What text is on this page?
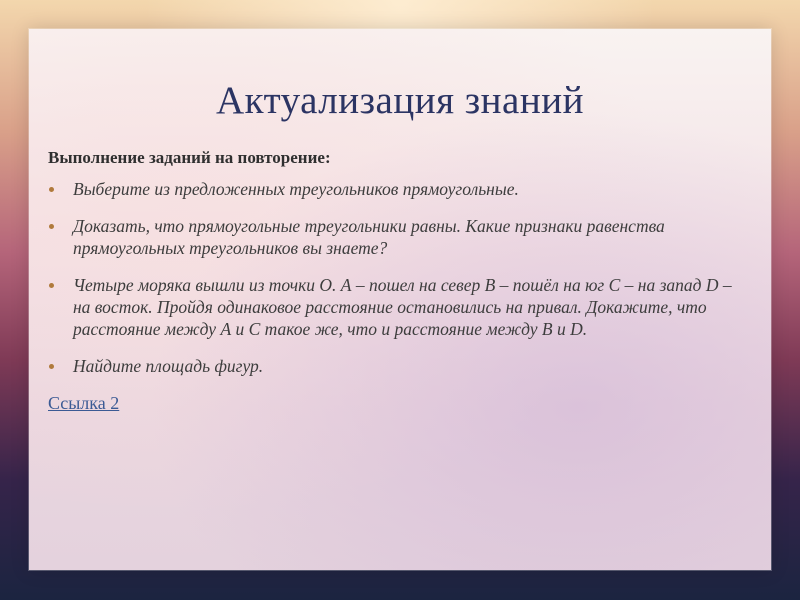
Актуализация знаний

Выполнение заданий на повторение:

Выберите из предложенных треугольников прямоугольные.
Доказать, что прямоугольные треугольники равны. Какие признаки равенства прямоугольных треугольников вы знаете?
Четыре моряка вышли из точки О. А – пошел на север В – пошёл на юг С – на запад D – на восток. Пройдя одинаковое расстояние остановились на привал. Докажите, что расстояние между А и С такое же, что и расстояние между В и D.
Найдите площадь фигур.
Ссылка 2
